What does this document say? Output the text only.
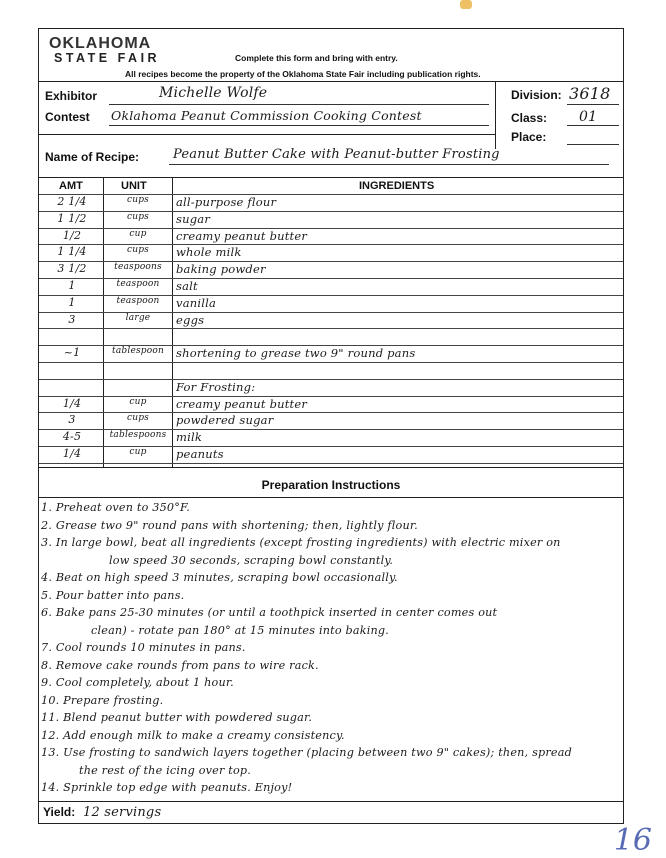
OKLAHOMA
STATE FAIR	Complete this form and bring with entry.
All recipes become the property of the Oklahoma State Fair including publication rights.
Exhibitor	Michelle Wolfe
Contest Oklahoma Peanut Commission Cooking Contest
Division: 3618
Class: 01
Place:
Name of Recipe:	Peanut Butter Cake with Peanut-butter Frosting
AMT	UNIT	INGREDIENTS
2 1/4	cups	all-purpose flour
1 1/2	cups	sugar
1/2	cup	creamy peanut butter
1 1/4	cups	whole milk
3 1/2	teaspoons	baking powder
1	teaspoon	salt
1	teaspoon	vanilla
3	large	eggs
~1	tablespoon	shortening to grease two 9" round pans
For Frosting:
1/4	cup	creamy peanut butter
3	cups	powdered sugar
4-5	tablespoons milk
1/4	cup	peanuts
Preparation Instructions
1. Preheat oven to 350°F.
2. Grease two 9" round pans with shortening; then, lightly flour.
3. In large bowl, beat all ingredients (except frosting ingredients) with electric mixer on
low speed 30 seconds, scraping bowl constantly.
4. Beat on high speed 3 minutes, scraping bowl occasionally.
5. Pour batter into pans.
6. Bake pans 25-30 minutes (or until a toothpick inserted in center comes out
clean) - rotate pan 180° at 15 minutes into baking.
7. Cool rounds 10 minutes in pans.
8. Remove cake rounds from pans to wire rack.
9. Cool completely, about 1 hour.
10. Prepare frosting.
11. Blend peanut butter with powdered sugar.
12. Add enough milk to make a creamy consistency.
13. Use frosting to sandwich layers together (placing between two 9" cakes); then, spread
the rest of the icing over top.
14. Sprinkle top edge with peanuts. Enjoy!
Yield: 12 servings
16
